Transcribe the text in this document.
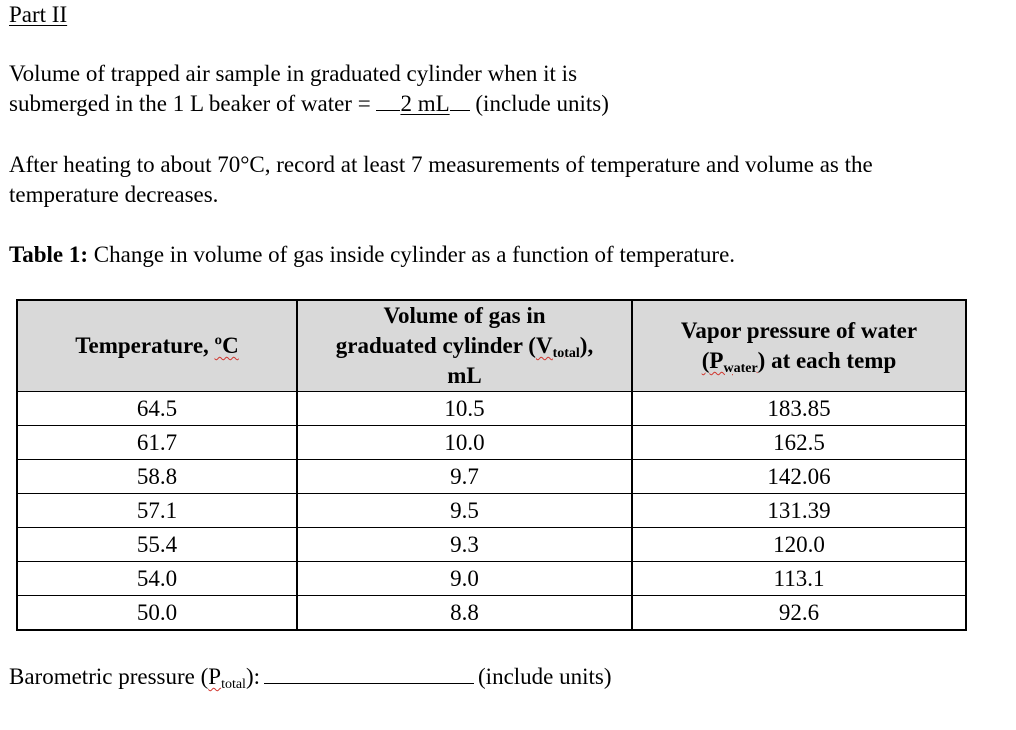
Part II

Volume of trapped air sample in graduated cylinder when it is
submerged in the 1 L beaker of water = 2 mL (include units)

After heating to about 70°C, record at least 7 measurements of temperature and volume as the
temperature decreases.

Table 1: Change in volume of gas inside cylinder as a function of temperature.

Temperature, ºC	Volume of gas in
graduated cylinder $(V_{total})$,
mL	Vapor pressure of water
$(P_{water})$ at each temp
64.5	10.5	183.85
61.7	10.0	162.5
58.8	9.7	142.06
57.1	9.5	131.39
55.4	9.3	120.0
54.0	9.0	113.1
50.0	8.8	92.6
Barometric pressure $(P_{total})$:	(include units)
